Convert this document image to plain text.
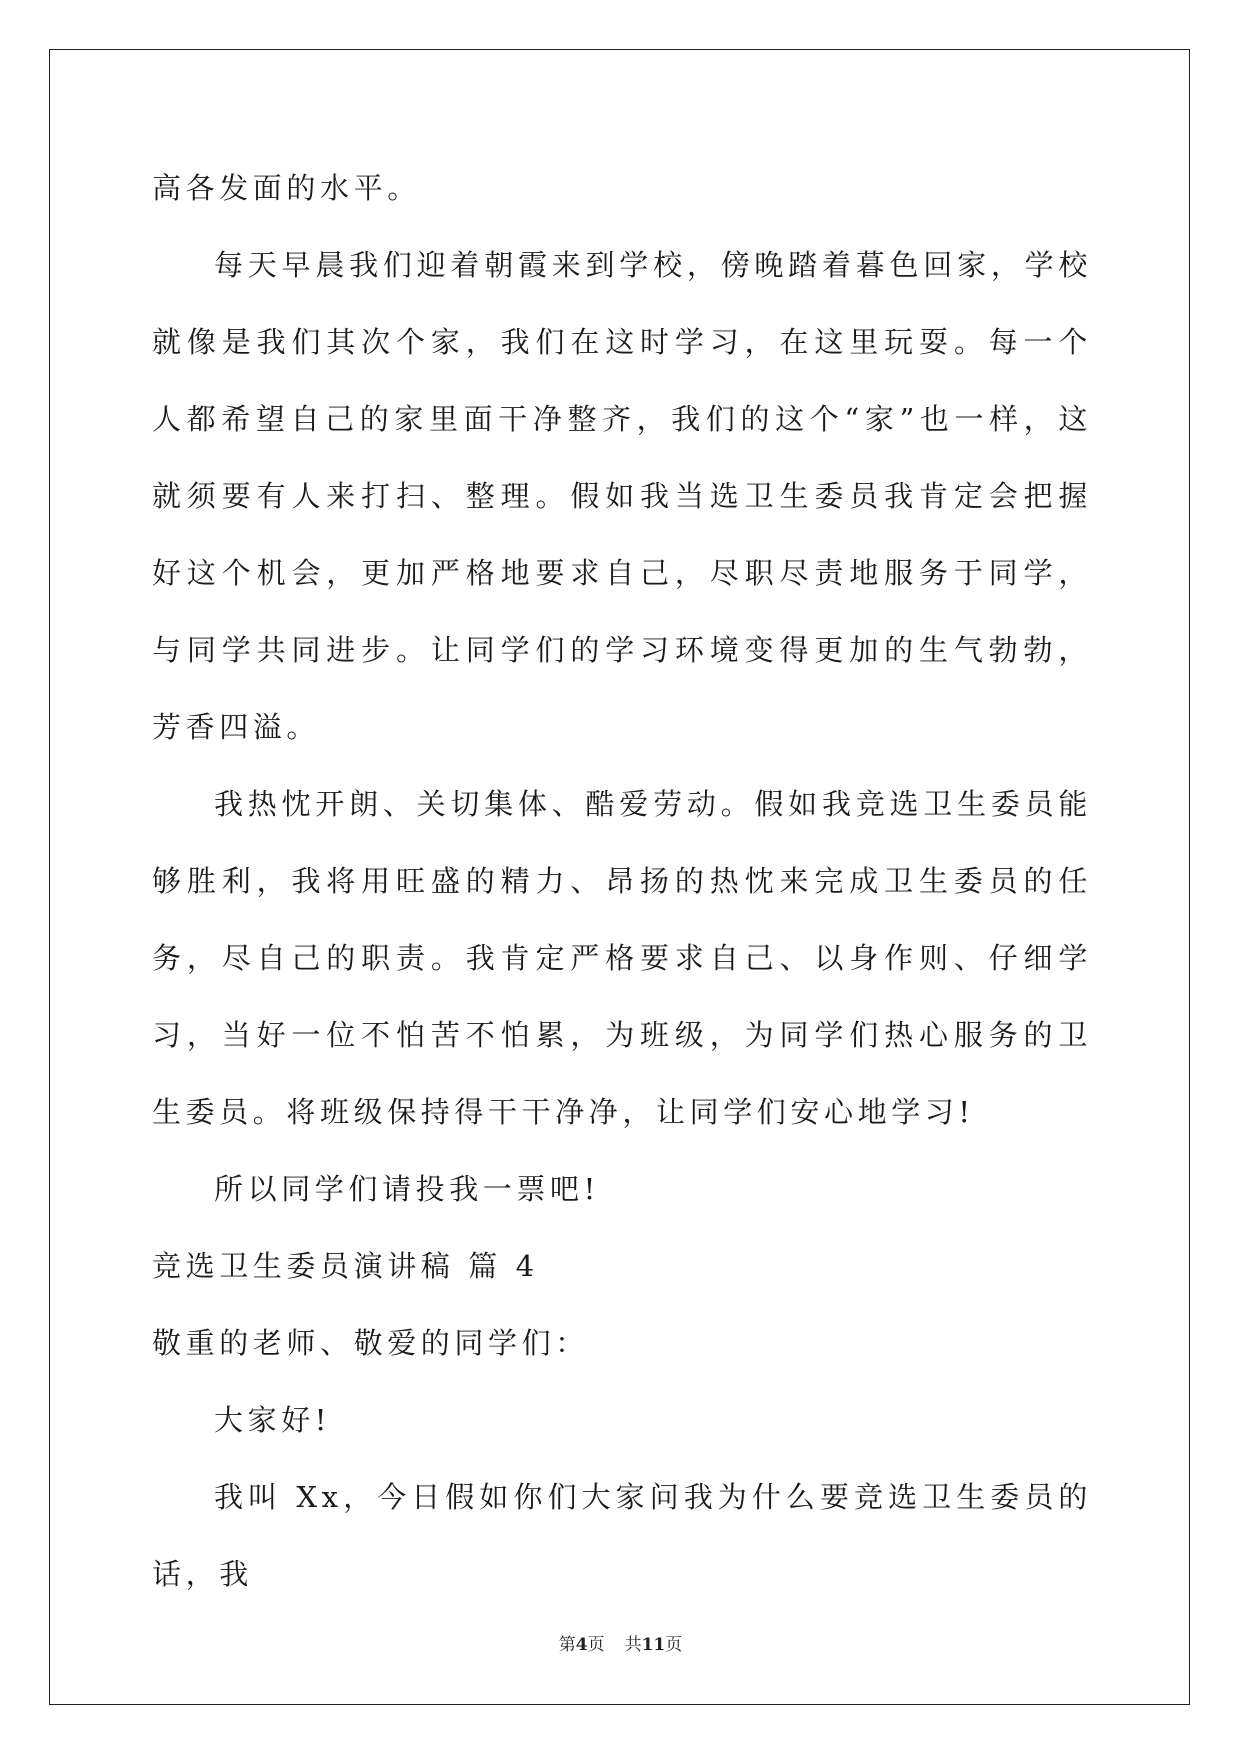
高各发面的水平。

每天早晨我们迎着朝霞来到学校，傍晚踏着暮色回家，学校就像是我们其次个家，我们在这时学习，在这里玩耍。每一个人都希望自己的家里面干净整齐，我们的这个“家”也一样，这就须要有人来打扫、整理。假如我当选卫生委员我肯定会把握好这个机会，更加严格地要求自己，尽职尽责地服务于同学，与同学共同进步。让同学们的学习环境变得更加的生气勃勃，芳香四溢。

我热忱开朗、关切集体、酷爱劳动。假如我竞选卫生委员能够胜利，我将用旺盛的精力、昂扬的热忱来完成卫生委员的任务，尽自己的职责。我肯定严格要求自己、以身作则、仔细学习，当好一位不怕苦不怕累，为班级，为同学们热心服务的卫生委员。将班级保持得干干净净，让同学们安心地学习!

所以同学们请投我一票吧!

竞选卫生委员演讲稿 篇 4

敬重的老师、敬爱的同学们：

大家好!

我叫 Xx，今日假如你们大家问我为什么要竞选卫生委员的话，我

第4页 共11页
